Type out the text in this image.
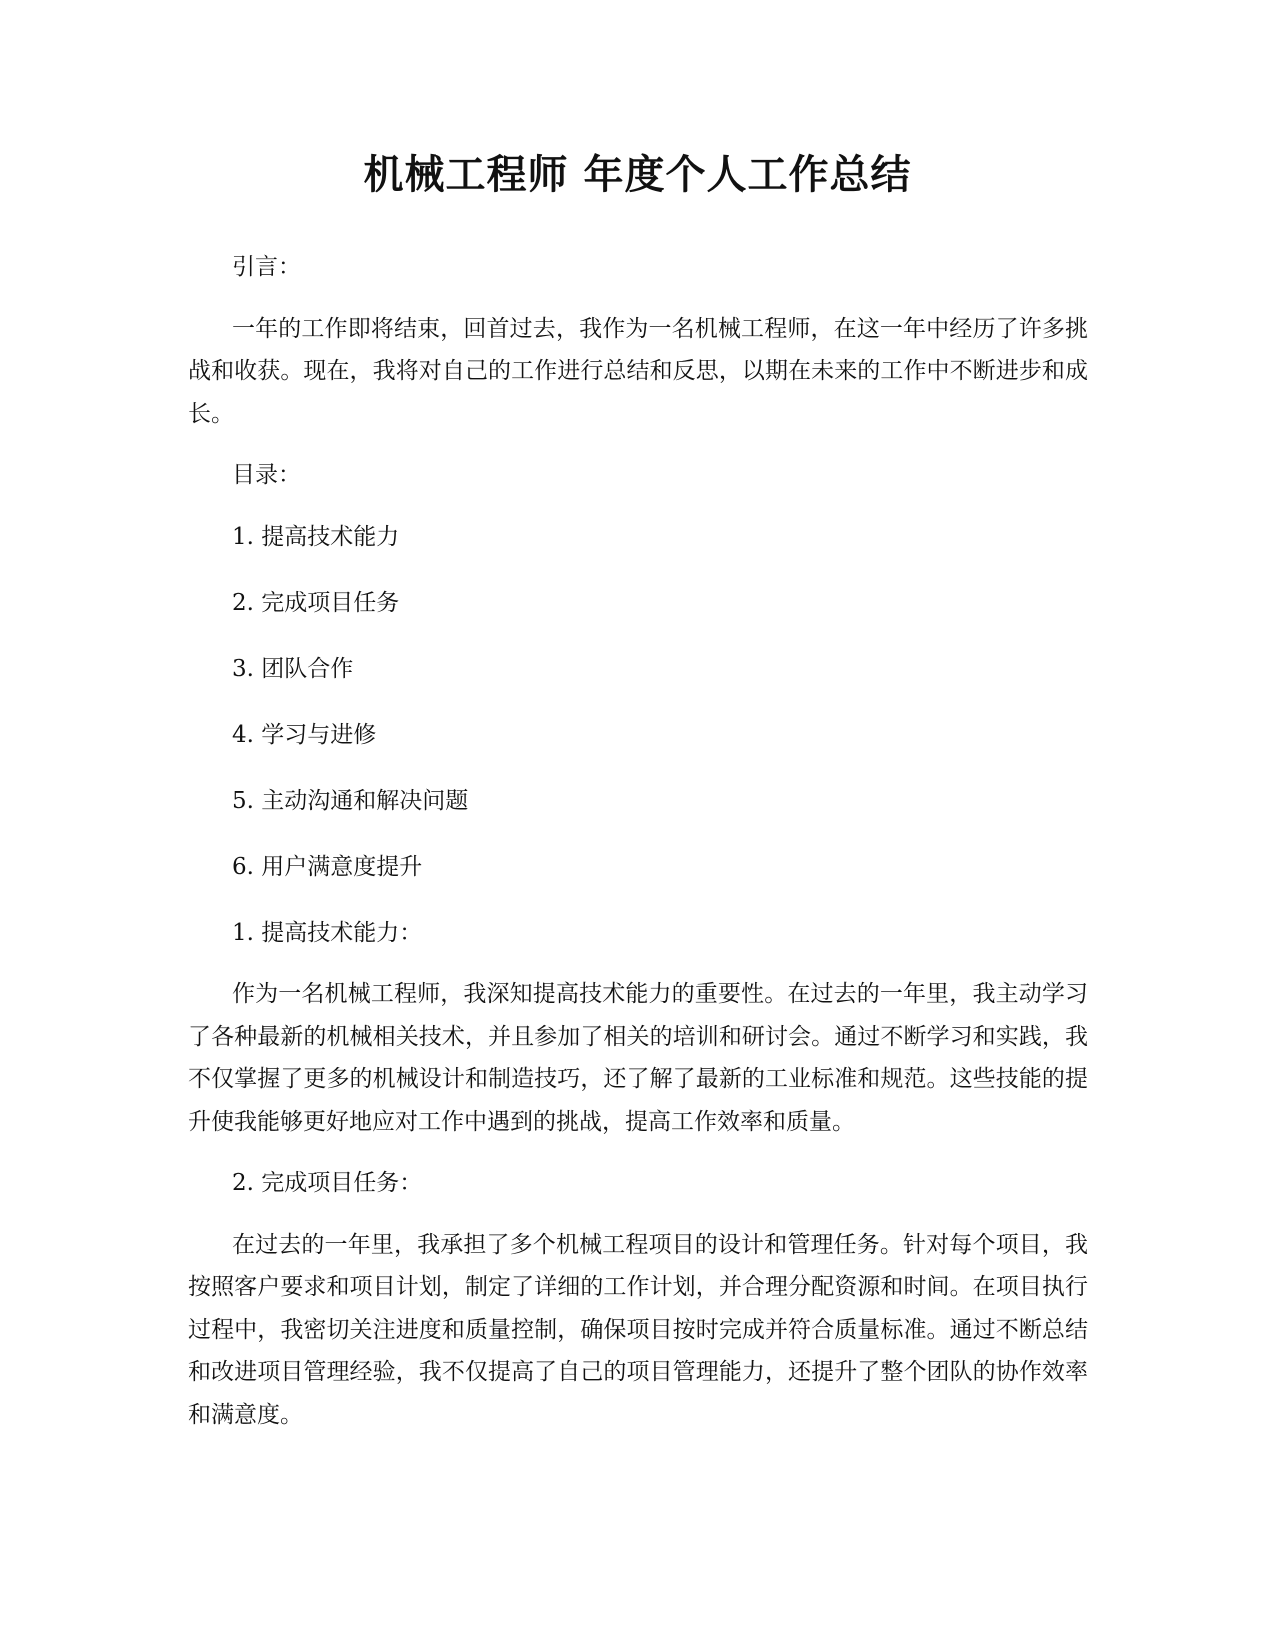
机械工程师 年度个人工作总结

引言：

一年的工作即将结束，回首过去，我作为一名机械工程师，在这一年中经历了许多挑战和收获。现在，我将对自己的工作进行总结和反思，以期在未来的工作中不断进步和成长。

目录：

1. 提高技术能力
2. 完成项目任务
3. 团队合作
4. 学习与进修
5. 主动沟通和解决问题
6. 用户满意度提升

1. 提高技术能力：

作为一名机械工程师，我深知提高技术能力的重要性。在过去的一年里，我主动学习了各种最新的机械相关技术，并且参加了相关的培训和研讨会。通过不断学习和实践，我不仅掌握了更多的机械设计和制造技巧，还了解了最新的工业标准和规范。这些技能的提升使我能够更好地应对工作中遇到的挑战，提高工作效率和质量。

2. 完成项目任务：

在过去的一年里，我承担了多个机械工程项目的设计和管理任务。针对每个项目，我按照客户要求和项目计划，制定了详细的工作计划，并合理分配资源和时间。在项目执行过程中，我密切关注进度和质量控制，确保项目按时完成并符合质量标准。通过不断总结和改进项目管理经验，我不仅提高了自己的项目管理能力，还提升了整个团队的协作效率和满意度。
